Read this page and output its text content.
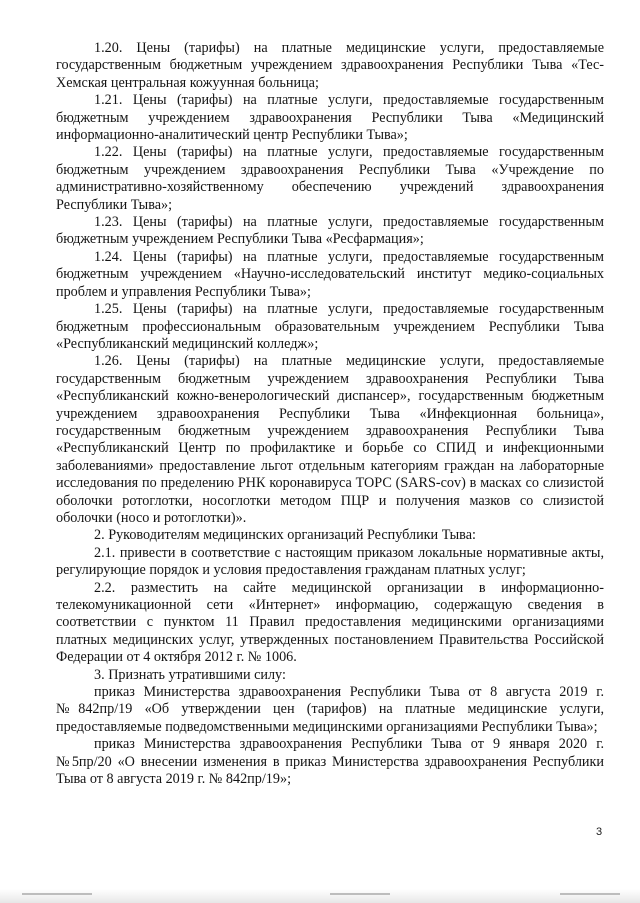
1.20. Цены (тарифы) на платные медицинские услуги, предоставляемые государственным бюджетным учреждением здравоохранения Республики Тыва «Тес-Хемская центральная кожуунная больница;

1.21. Цены (тарифы) на платные услуги, предоставляемые государственным бюджетным учреждением здравоохранения Республики Тыва «Медицинский информационно-аналитический центр Республики Тыва»;

1.22. Цены (тарифы) на платные услуги, предоставляемые государственным бюджетным учреждением здравоохранения Республики Тыва «Учреждение по административно-хозяйственному обеспечению учреждений здравоохранения Республики Тыва»;

1.23. Цены (тарифы) на платные услуги, предоставляемые государственным бюджетным учреждением Республики Тыва «Ресфармация»;

1.24. Цены (тарифы) на платные услуги, предоставляемые государственным бюджетным учреждением «Научно-исследовательский институт медико-социальных проблем и управления Республики Тыва»;

1.25. Цены (тарифы) на платные услуги, предоставляемые государственным бюджетным профессиональным образовательным учреждением Республики Тыва «Республиканский медицинский колледж»;

1.26. Цены (тарифы) на платные медицинские услуги, предоставляемые государственным бюджетным учреждением здравоохранения Республики Тыва «Республиканский кожно-венерологический диспансер», государственным бюджетным учреждением здравоохранения Республики Тыва «Инфекционная больница», государственным бюджетным учреждением здравоохранения Республики Тыва «Республиканский Центр по профилактике и борьбе со СПИД и инфекционными заболеваниями» предоставление льгот отдельным категориям граждан на лабораторные исследования по пределению РНК коронавируса ТОРС (SARS-cov) в масках со слизистой оболочки ротоглотки, носоглотки методом ПЦР и получения мазков со слизистой оболочки (носо и ротоглотки)».

2. Руководителям медицинских организаций Республики Тыва:

2.1. привести в соответствие с настоящим приказом локальные нормативные акты, регулирующие порядок и условия предоставления гражданам платных услуг;

2.2. разместить на сайте медицинской организации в информационно-телекомуникационной сети «Интернет» информацию, содержащую сведения в соответствии с пунктом 11 Правил предоставления медицинскими организациями платных медицинских услуг, утвержденных постановлением Правительства Российской Федерации от 4 октября 2012 г. № 1006.

3. Признать утратившими силу:

приказ Министерства здравоохранения Республики Тыва от 8 августа 2019 г. №842пр/19 «Об утверждении цен (тарифов) на платные медицинские услуги, предоставляемые подведомственными медицинскими организациями Республики Тыва»;

приказ Министерства здравоохранения Республики Тыва от 9 января 2020 г. №5пр/20 «О внесении изменения в приказ Министерства здравоохранения Республики Тыва от 8 августа 2019 г. № 842пр/19»;

3
